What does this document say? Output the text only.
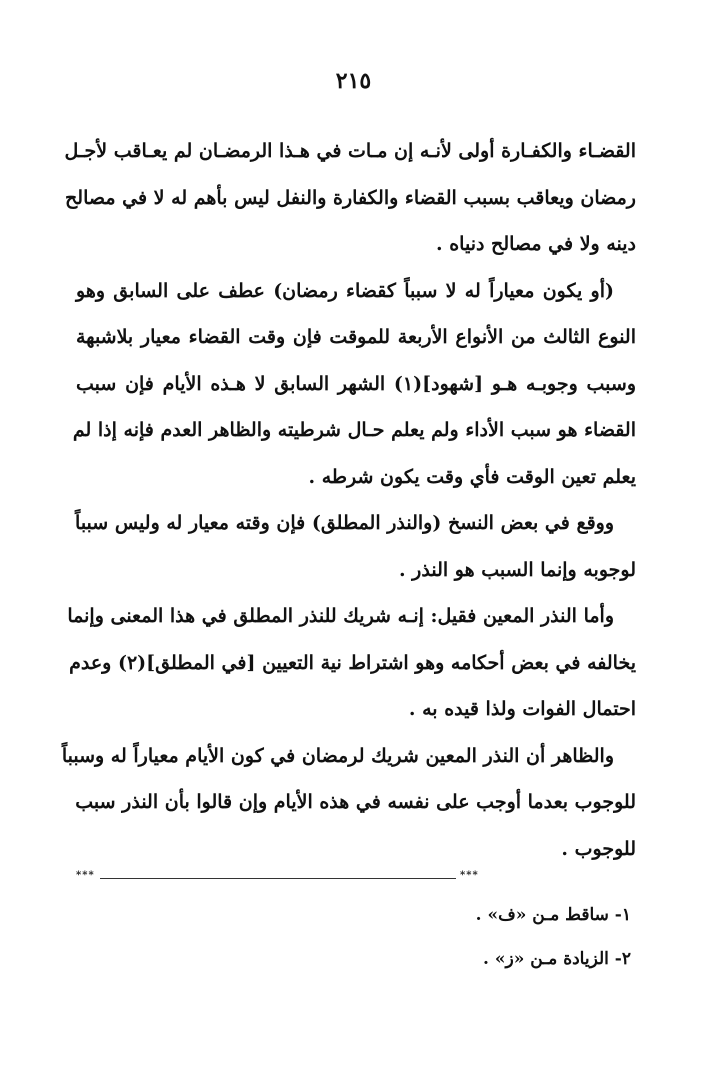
٢١٥
القضـاء والكفـارة أولى لأنـه إن مـات في هـذا الرمضـان لم يعـاقب لأجـل
رمضان ويعاقب بسبب القضاء والكفارة والنفل ليس بأهم له لا في مصالح
دينه ولا في مصالح دنياه .
(أو يكون معياراً له لا سبباً كقضاء رمضان) عطف على السابق وهو
النوع الثالث من الأنواع الأربعة للموقت فإن وقت القضاء معيار بلاشبهة
وسبب وجوبـه هـو [شهود](١) الشهر السابق لا هـذه الأيام فإن سبب
القضاء هو سبب الأداء ولم يعلم حـال شرطيته والظاهر العدم فإنه إذا لم
يعلم تعين الوقت فأي وقت يكون شرطه .
ووقع في بعض النسخ (والنذر المطلق) فإن وقته معيار له وليس سبباً
لوجوبه وإنما السبب هو النذر .
وأما النذر المعين فقيل: إنـه شريك للنذر المطلق في هذا المعنى وإنما
يخالفه في بعض أحكامه وهو اشتراط نية التعيين [في المطلق](٢) وعدم
احتمال الفوات ولذا قيده به .
والظاهر أن النذر المعين شريك لرمضان في كون الأيام معياراً له وسبباً
للوجوب بعدما أوجب على نفسه في هذه الأيام وإن قالوا بأن النذر سبب
للوجوب .
***	***
١- ساقط مـن «ف» .
٢- الزيادة مـن «ز» .
